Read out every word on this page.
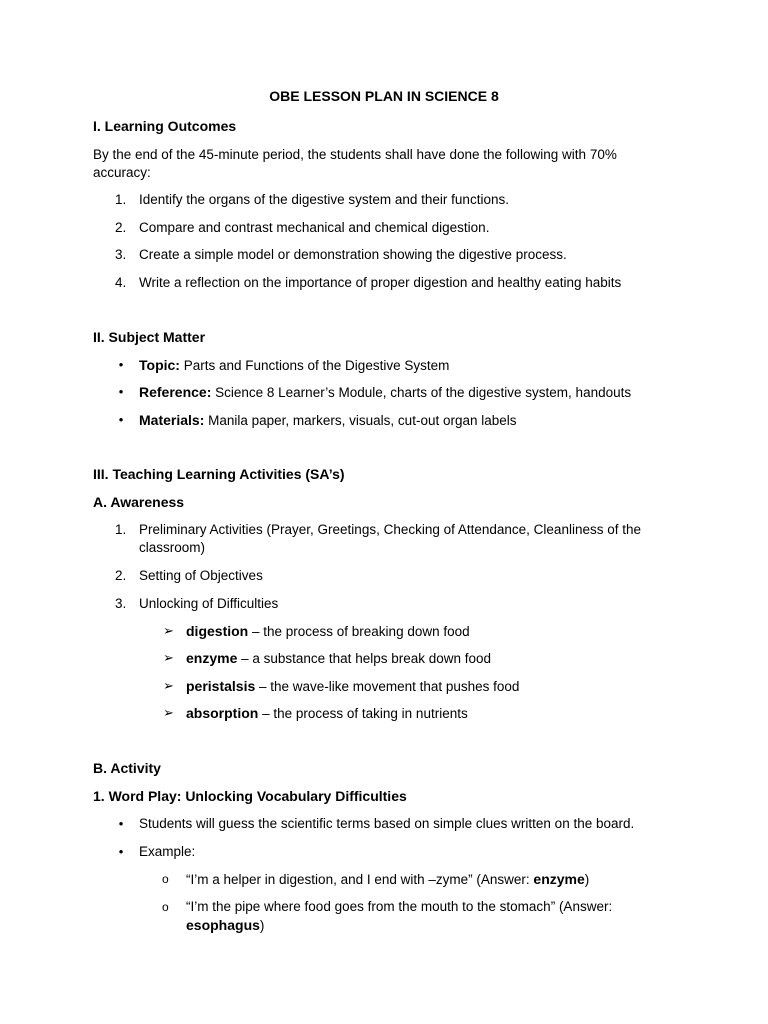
OBE LESSON PLAN IN SCIENCE 8
I. Learning Outcomes
By the end of the 45-minute period, the students shall have done the following with 70% accuracy:
1. Identify the organs of the digestive system and their functions.
2. Compare and contrast mechanical and chemical digestion.
3. Create a simple model or demonstration showing the digestive process.
4. Write a reflection on the importance of proper digestion and healthy eating habits
II. Subject Matter
•	Topic: Parts and Functions of the Digestive System
•	Reference: Science 8 Learner’s Module, charts of the digestive system, handouts
•	Materials: Manila paper, markers, visuals, cut-out organ labels
III. Teaching Learning Activities (SA’s)
A. Awareness
1. Preliminary Activities (Prayer, Greetings, Checking of Attendance, Cleanliness of the classroom)
2. Setting of Objectives
3. Unlocking of Difficulties
➢ digestion – the process of breaking down food
➢ enzyme – a substance that helps break down food
➢ peristalsis – the wave-like movement that pushes food
➢ absorption – the process of taking in nutrients
B. Activity
1. Word Play: Unlocking Vocabulary Difficulties
•	Students will guess the scientific terms based on simple clues written on the board.
•	Example:
o	“I’m a helper in digestion, and I end with –zyme” (Answer: enzyme)
o	“I’m the pipe where food goes from the mouth to the stomach” (Answer: esophagus)
